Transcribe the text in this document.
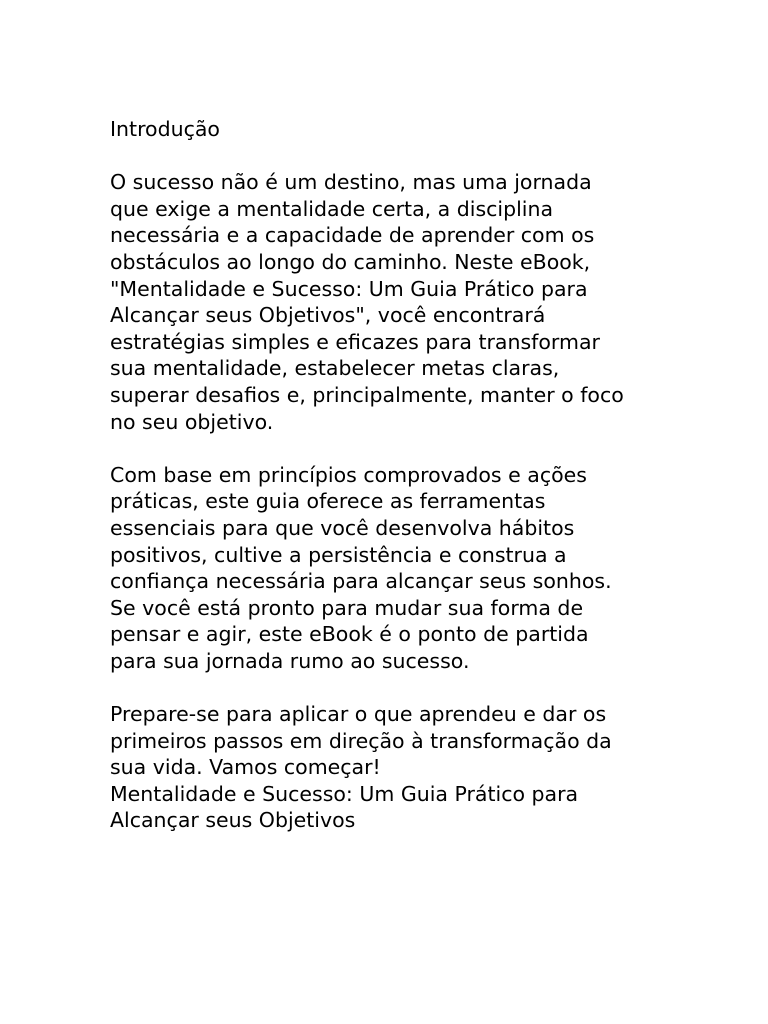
Introdução
O sucesso não é um destino, mas uma jornada
que exige a mentalidade certa, a disciplina
necessária e a capacidade de aprender com os
obstáculos ao longo do caminho. Neste eBook,
"Mentalidade e Sucesso: Um Guia Prático para
Alcançar seus Objetivos", você encontrará
estratégias simples e eficazes para transformar
sua mentalidade, estabelecer metas claras,
superar desafios e, principalmente, manter o foco
no seu objetivo.
Com base em princípios comprovados e ações
práticas, este guia oferece as ferramentas
essenciais para que você desenvolva hábitos
positivos, cultive a persistência e construa a
confiança necessária para alcançar seus sonhos.
Se você está pronto para mudar sua forma de
pensar e agir, este eBook é o ponto de partida
para sua jornada rumo ao sucesso.
Prepare-se para aplicar o que aprendeu e dar os
primeiros passos em direção à transformação da
sua vida. Vamos começar!
Mentalidade e Sucesso: Um Guia Prático para
Alcançar seus Objetivos
